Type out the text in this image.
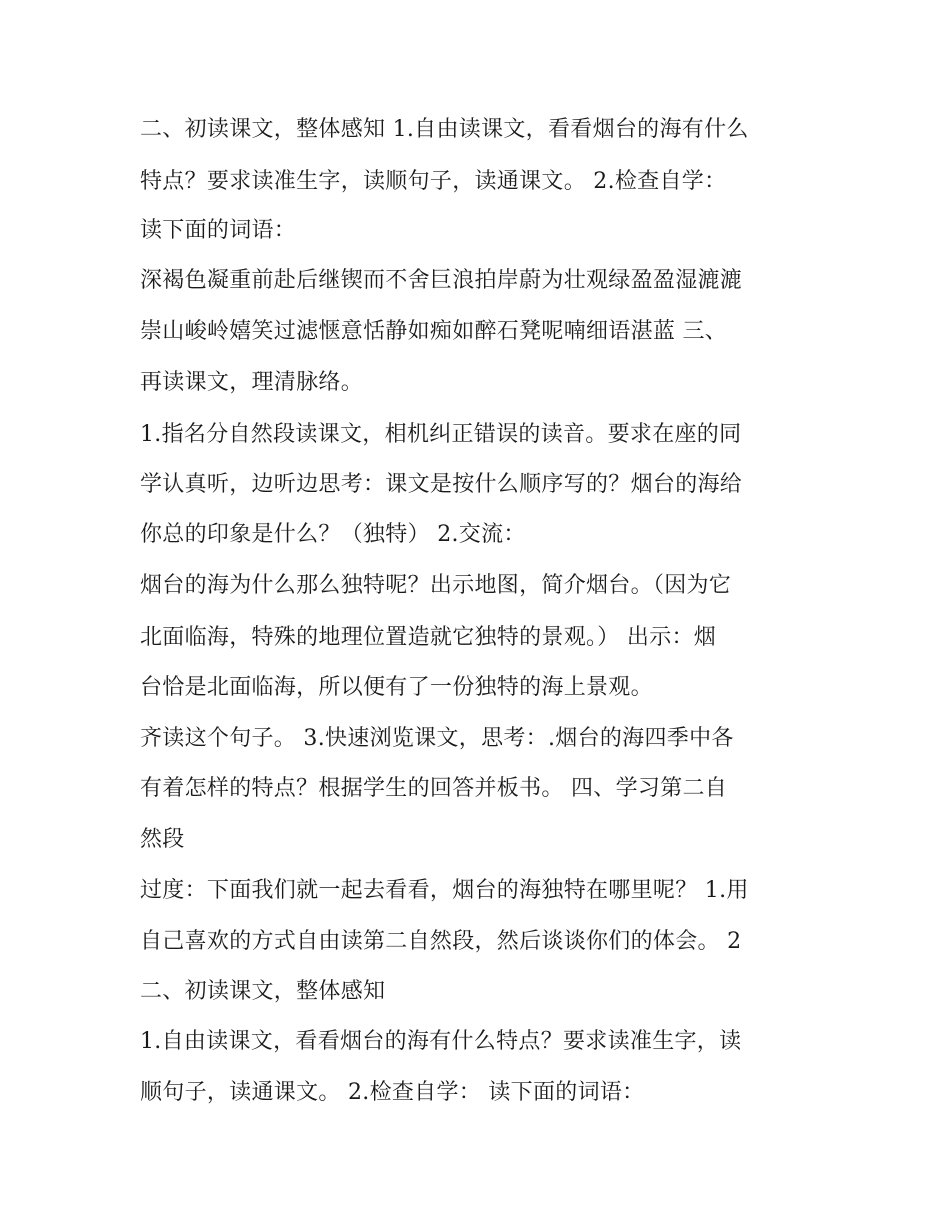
二、初读课文，整体感知 1.自由读课文，看看烟台的海有什么
特点？要求读准生字，读顺句子，读通课文。 2.检查自学：
读下面的词语：
深褐色凝重前赴后继锲而不舍巨浪拍岸蔚为壮观绿盈盈湿漉漉
崇山峻岭嬉笑过滤惬意恬静如痴如醉石凳呢喃细语湛蓝 三、
再读课文，理清脉络。
1.指名分自然段读课文，相机纠正错误的读音。要求在座的同
学认真听，边听边思考：课文是按什么顺序写的？烟台的海给
你总的印象是什么？（独特） 2.交流：
烟台的海为什么那么独特呢？出示地图，简介烟台。（因为它
北面临海，特殊的地理位置造就它独特的景观。） 出示：烟
台恰是北面临海，所以便有了一份独特的海上景观。
齐读这个句子。 3.快速浏览课文，思考：.烟台的海四季中各
有着怎样的特点？根据学生的回答并板书。 四、学习第二自
然段
过度：下面我们就一起去看看，烟台的海独特在哪里呢？ 1.用
自己喜欢的方式自由读第二自然段，然后谈谈你们的体会。 2
二、初读课文，整体感知
1.自由读课文，看看烟台的海有什么特点？要求读准生字，读
顺句子，读通课文。 2.检查自学： 读下面的词语：
